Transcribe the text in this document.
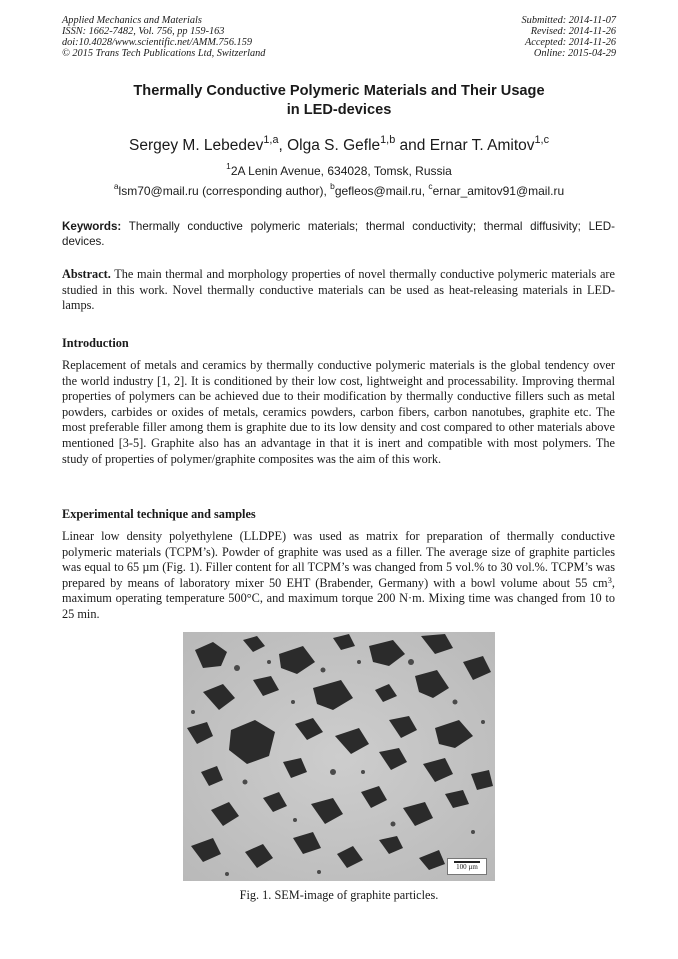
Applied Mechanics and Materials
ISSN: 1662-7482, Vol. 756, pp 159-163
doi:10.4028/www.scientific.net/AMM.756.159
© 2015 Trans Tech Publications Ltd, Switzerland
Submitted: 2014-11-07
Revised: 2014-11-26
Accepted: 2014-11-26
Online: 2015-04-29
Thermally Conductive Polymeric Materials and Their Usage
in LED-devices
Sergey M. Lebedev$^{1,a}$, Olga S. Gefle$^{1,b}$ and Ernar T. Amitov$^{1,c}$
$^1$2A Lenin Avenue, 634028, Tomsk, Russia
$^a$lsm70@mail.ru (corresponding author), $^b$gefleos@mail.ru, $^c$ernar_amitov91@mail.ru
Keywords: Thermally conductive polymeric materials; thermal conductivity; thermal diffusivity; LED-devices.
Abstract. The main thermal and morphology properties of novel thermally conductive polymeric materials are studied in this work. Novel thermally conductive materials can be used as heat-releasing materials in LED-lamps.
Introduction
Replacement of metals and ceramics by thermally conductive polymeric materials is the global tendency over the world industry [1, 2]. It is conditioned by their low cost, lightweight and processability. Improving thermal properties of polymers can be achieved due to their modification by thermally conductive fillers such as metal powders, carbides or oxides of metals, ceramics powders, carbon fibers, carbon nanotubes, graphite etc. The most preferable filler among them is graphite due to its low density and cost compared to other materials above mentioned [3-5]. Graphite also has an advantage in that it is inert and compatible with most polymers. The study of properties of polymer/graphite composites was the aim of this work.
Experimental technique and samples
Linear low density polyethylene (LLDPE) was used as matrix for preparation of thermally conductive polymeric materials (TCPM’s). Powder of graphite was used as a filler. The average size of graphite particles was equal to 65 µm (Fig. 1). Filler content for all TCPM’s was changed from 5 vol.% to 30 vol.%. TCPM’s was prepared by means of laboratory mixer 50 EHT (Brabender, Germany) with a bowl volume about 55 $cm^3$, maximum operating temperature 500°C, and maximum torque 200 N·m. Mixing time was changed from 10 to 25 min.
100 µm
Fig. 1. SEM-image of graphite particles.
